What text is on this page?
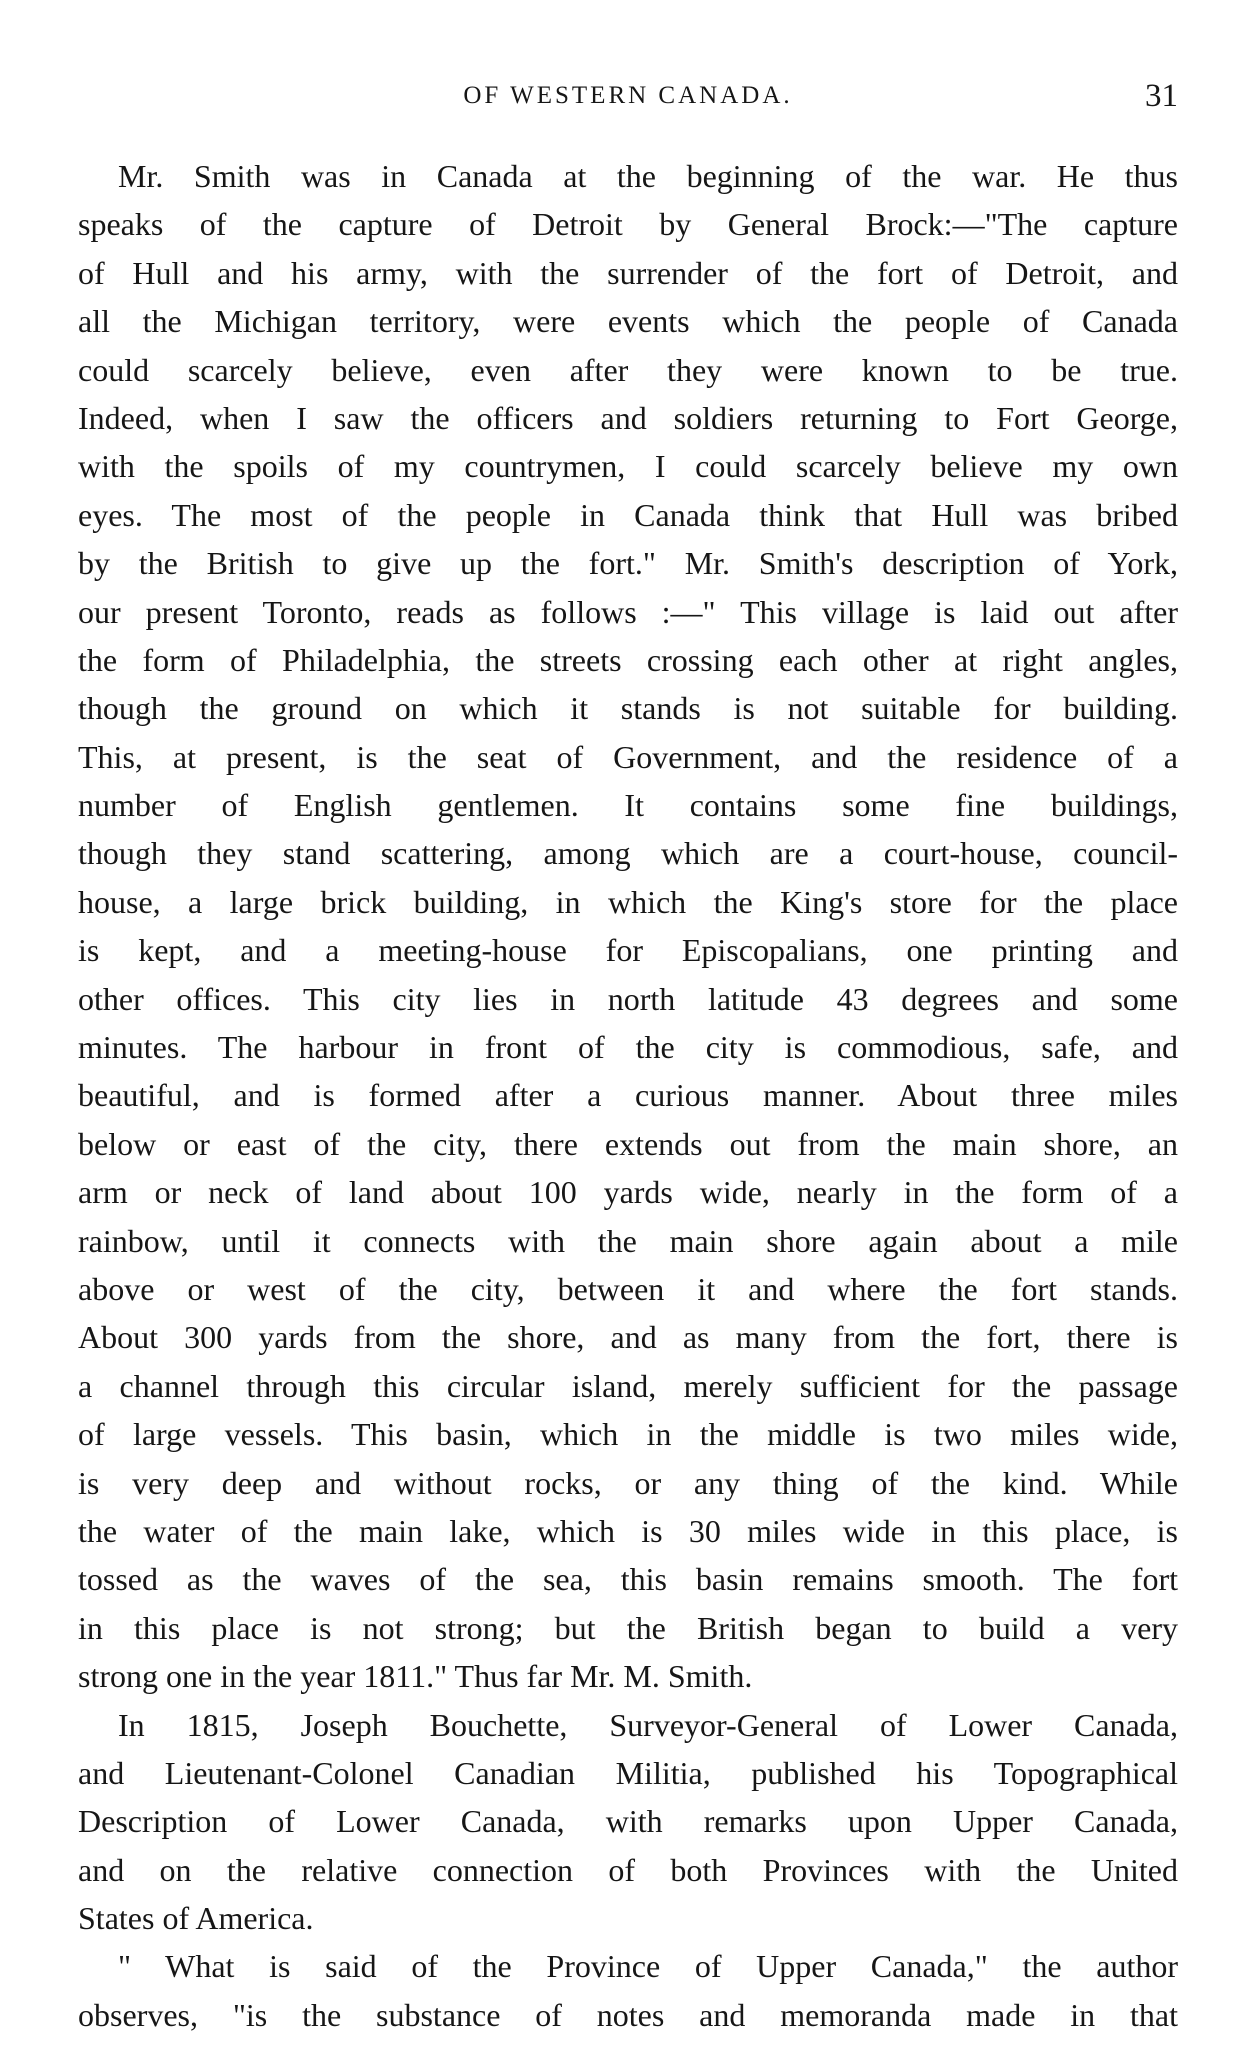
OF WESTERN CANADA.	31
Mr. Smith was in Canada at the beginning of the war. He thus
speaks of the capture of Detroit by General Brock:—"The capture
of Hull and his army, with the surrender of the fort of Detroit, and
all the Michigan territory, were events which the people of Canada
could scarcely believe, even after they were known to be true.
Indeed, when I saw the officers and soldiers returning to Fort George,
with the spoils of my countrymen, I could scarcely believe my own
eyes. The most of the people in Canada think that Hull was bribed
by the British to give up the fort." Mr. Smith's description of York,
our present Toronto, reads as follows :—" This village is laid out after
the form of Philadelphia, the streets crossing each other at right angles,
though the ground on which it stands is not suitable for building.
This, at present, is the seat of Government, and the residence of a
number of English gentlemen. It contains some fine buildings,
though they stand scattering, among which are a court-house, council-
house, a large brick building, in which the King's store for the place
is kept, and a meeting-house for Episcopalians, one printing and
other offices. This city lies in north latitude 43 degrees and some
minutes. The harbour in front of the city is commodious, safe, and
beautiful, and is formed after a curious manner. About three miles
below or east of the city, there extends out from the main shore, an
arm or neck of land about 100 yards wide, nearly in the form of a
rainbow, until it connects with the main shore again about a mile
above or west of the city, between it and where the fort stands.
About 300 yards from the shore, and as many from the fort, there is
a channel through this circular island, merely sufficient for the passage
of large vessels. This basin, which in the middle is two miles wide,
is very deep and without rocks, or any thing of the kind. While
the water of the main lake, which is 30 miles wide in this place, is
tossed as the waves of the sea, this basin remains smooth. The fort
in this place is not strong; but the British began to build a very
strong one in the year 1811." Thus far Mr. M. Smith.
In 1815, Joseph Bouchette, Surveyor-General of Lower Canada,
and Lieutenant-Colonel Canadian Militia, published his Topographical
Description of Lower Canada, with remarks upon Upper Canada,
and on the relative connection of both Provinces with the United
States of America.
" What is said of the Province of Upper Canada," the author
observes, "is the substance of notes and memoranda made in that
